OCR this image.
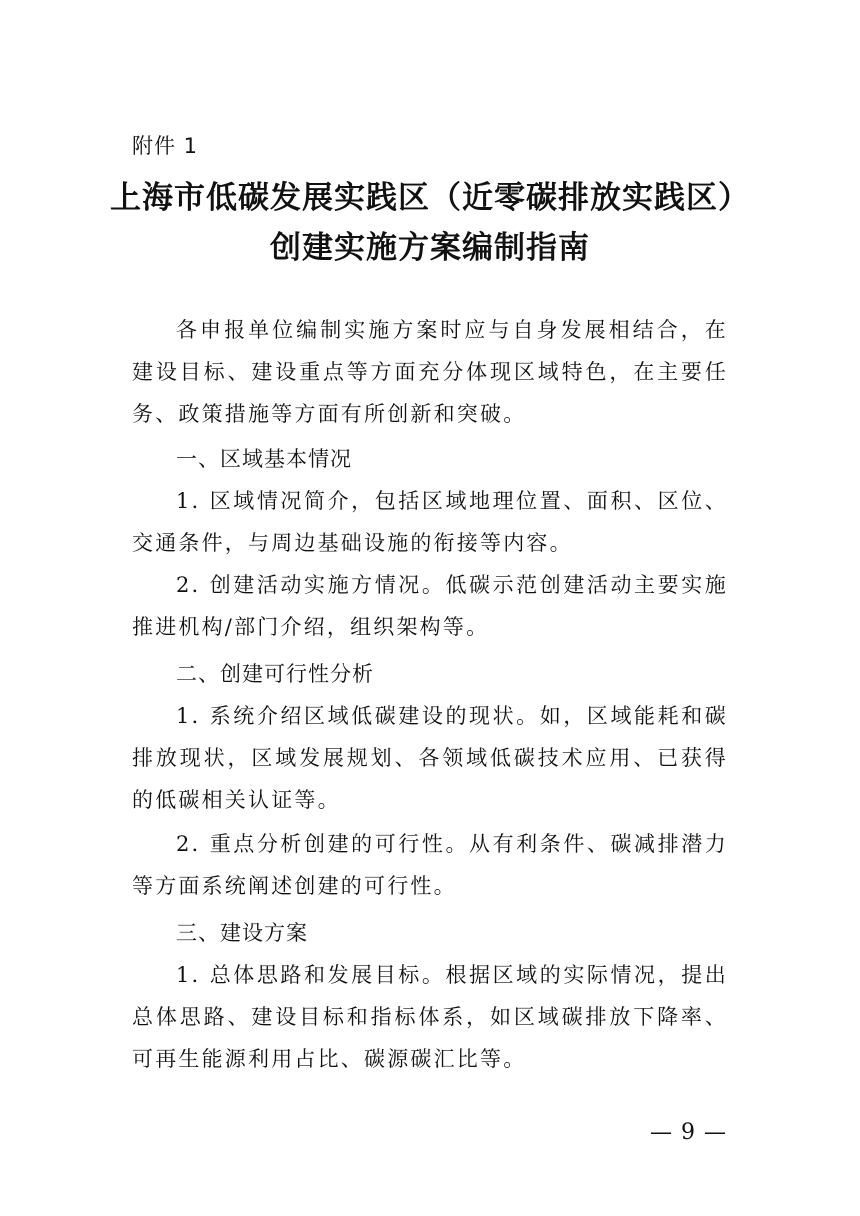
附件 1
上海市低碳发展实践区（近零碳排放实践区）
创建实施方案编制指南
各申报单位编制实施方案时应与自身发展相结合，在建设目标、建设重点等方面充分体现区域特色，在主要任务、政策措施等方面有所创新和突破。
一、区域基本情况
1. 区域情况简介，包括区域地理位置、面积、区位、交通条件，与周边基础设施的衔接等内容。
2. 创建活动实施方情况。低碳示范创建活动主要实施推进机构/部门介绍，组织架构等。
二、创建可行性分析
1. 系统介绍区域低碳建设的现状。如，区域能耗和碳排放现状，区域发展规划、各领域低碳技术应用、已获得的低碳相关认证等。
2. 重点分析创建的可行性。从有利条件、碳减排潜力等方面系统阐述创建的可行性。
三、建设方案
1. 总体思路和发展目标。根据区域的实际情况，提出总体思路、建设目标和指标体系，如区域碳排放下降率、可再生能源利用占比、碳源碳汇比等。
— 9 —
